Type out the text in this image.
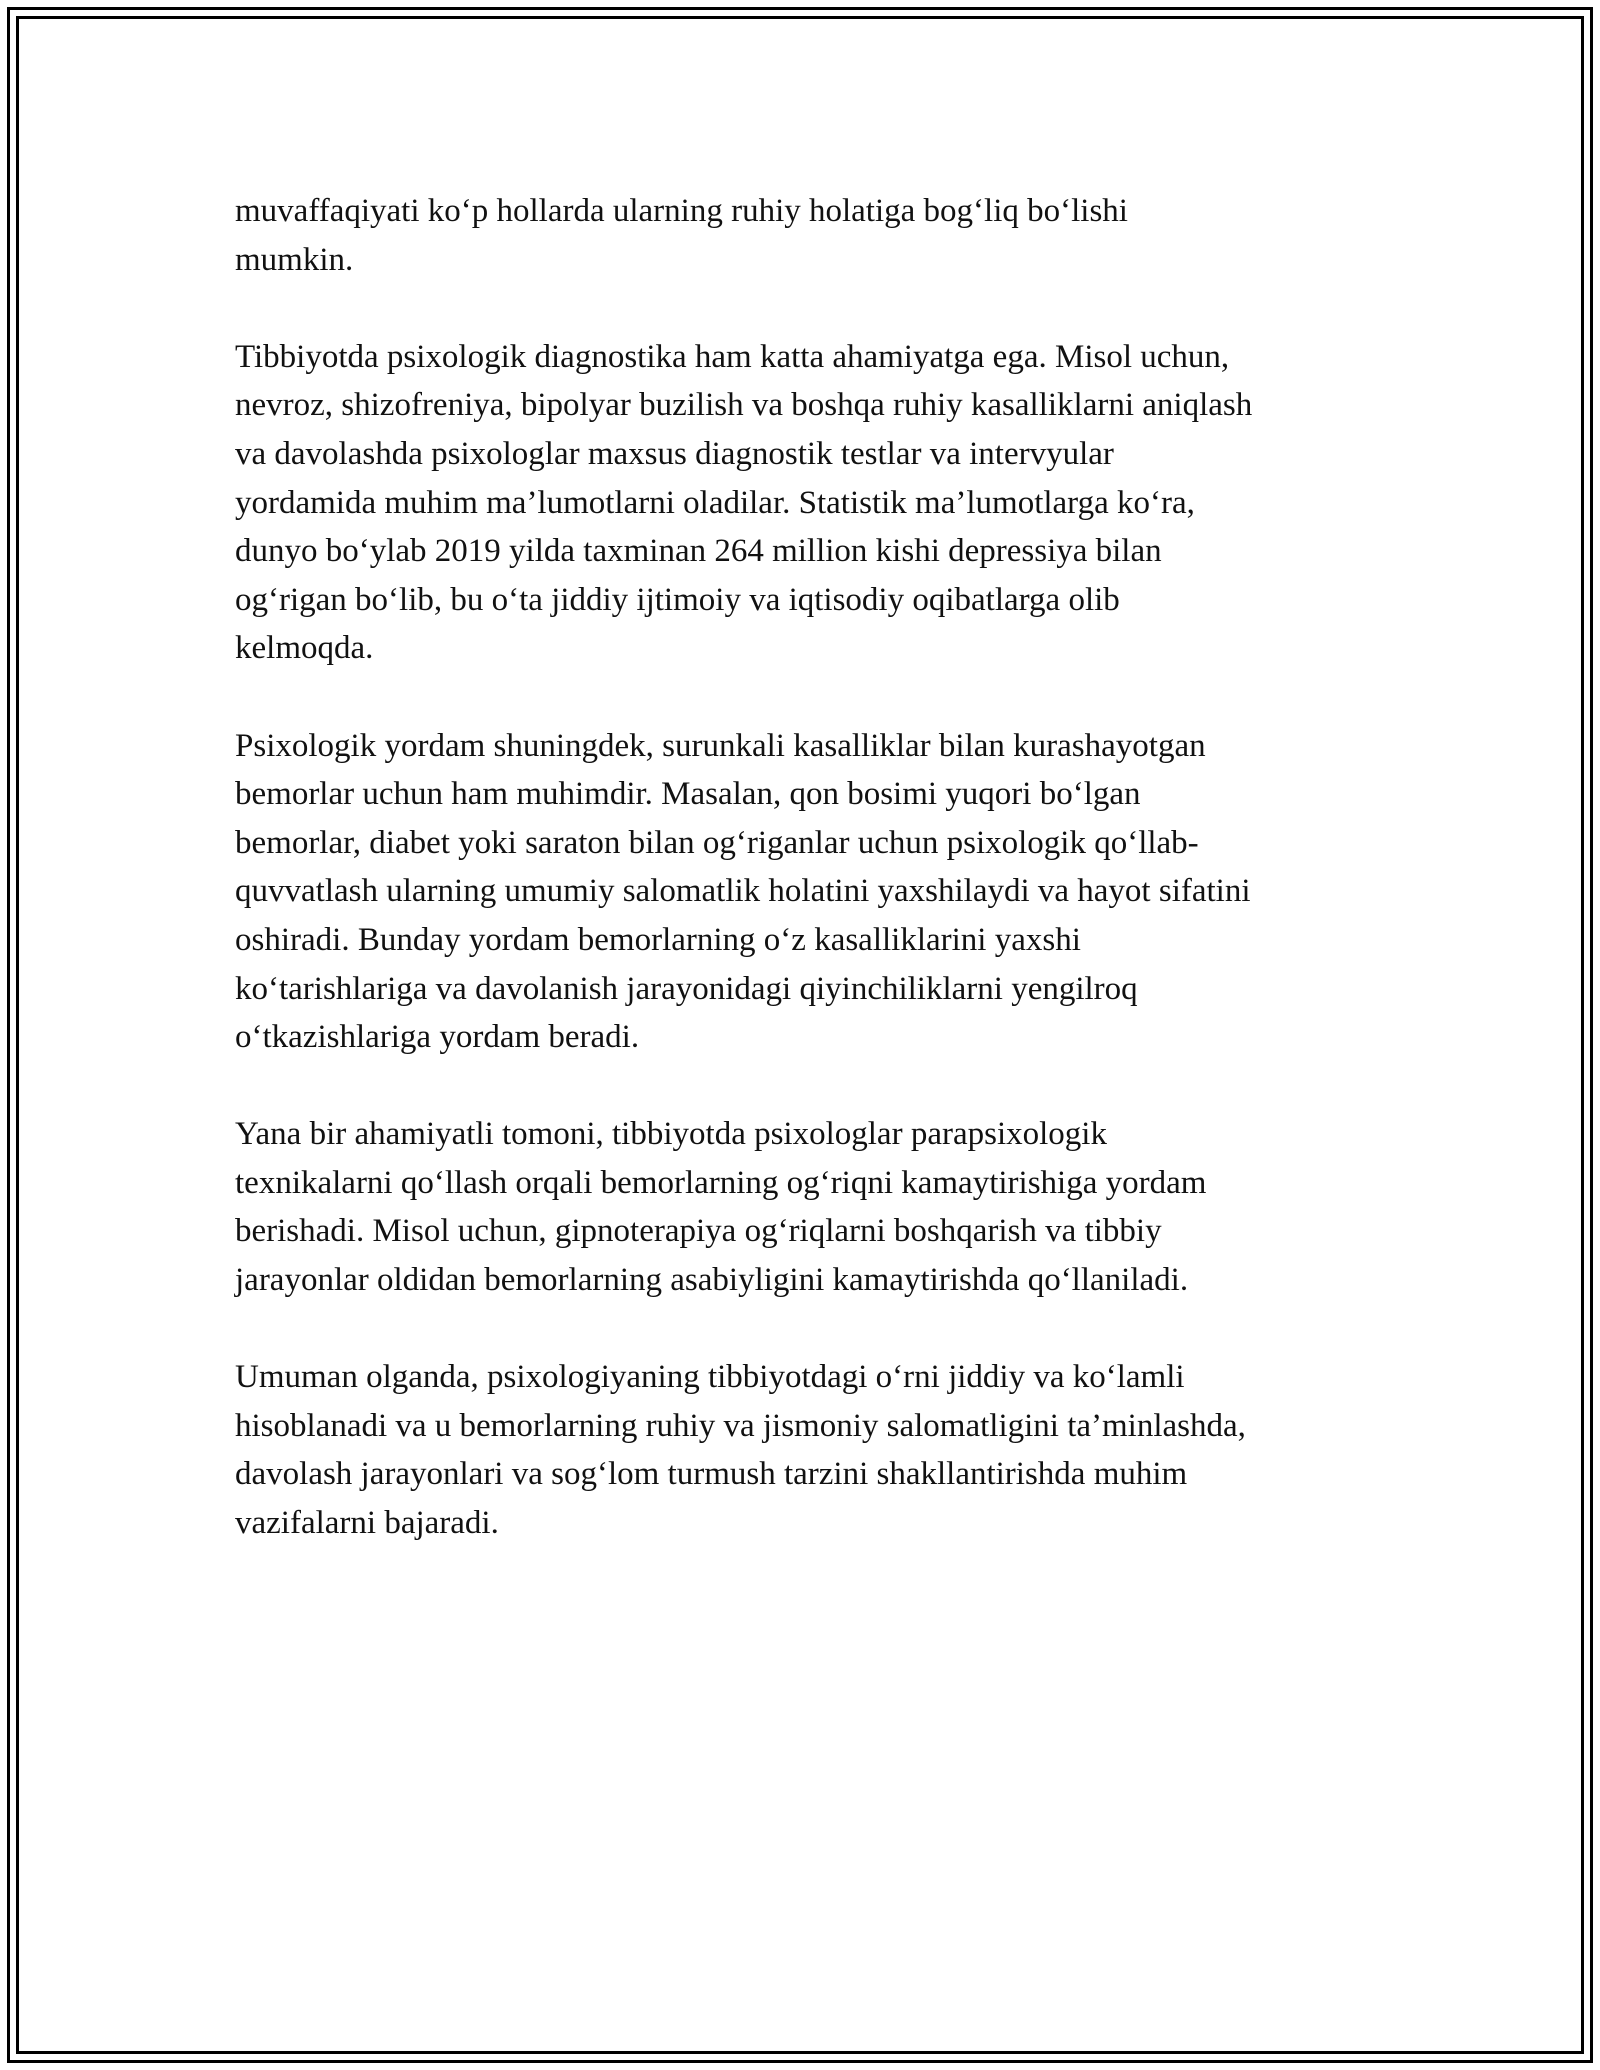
muvaffaqiyati ko‘p hollarda ularning ruhiy holatiga bog‘liq bo‘lishi
mumkin.

Tibbiyotda psixologik diagnostika ham katta ahamiyatga ega. Misol uchun,
nevroz, shizofreniya, bipolyar buzilish va boshqa ruhiy kasalliklarni aniqlash
va davolashda psixologlar maxsus diagnostik testlar va intervyular
yordamida muhim ma’lumotlarni oladilar. Statistik ma’lumotlarga ko‘ra,
dunyo bo‘ylab 2019 yilda taxminan 264 million kishi depressiya bilan
og‘rigan bo‘lib, bu o‘ta jiddiy ijtimoiy va iqtisodiy oqibatlarga olib
kelmoqda.

Psixologik yordam shuningdek, surunkali kasalliklar bilan kurashayotgan
bemorlar uchun ham muhimdir. Masalan, qon bosimi yuqori bo‘lgan
bemorlar, diabet yoki saraton bilan og‘riganlar uchun psixologik qo‘llab-
quvvatlash ularning umumiy salomatlik holatini yaxshilaydi va hayot sifatini
oshiradi. Bunday yordam bemorlarning o‘z kasalliklarini yaxshi
ko‘tarishlariga va davolanish jarayonidagi qiyinchiliklarni yengilroq
o‘tkazishlariga yordam beradi.

Yana bir ahamiyatli tomoni, tibbiyotda psixologlar parapsixologik
texnikalarni qo‘llash orqali bemorlarning og‘riqni kamaytirishiga yordam
berishadi. Misol uchun, gipnoterapiya og‘riqlarni boshqarish va tibbiy
jarayonlar oldidan bemorlarning asabiyligini kamaytirishda qo‘llaniladi.

Umuman olganda, psixologiyaning tibbiyotdagi o‘rni jiddiy va ko‘lamli
hisoblanadi va u bemorlarning ruhiy va jismoniy salomatligini ta’minlashda,
davolash jarayonlari va sog‘lom turmush tarzini shakllantirishda muhim
vazifalarni bajaradi.
